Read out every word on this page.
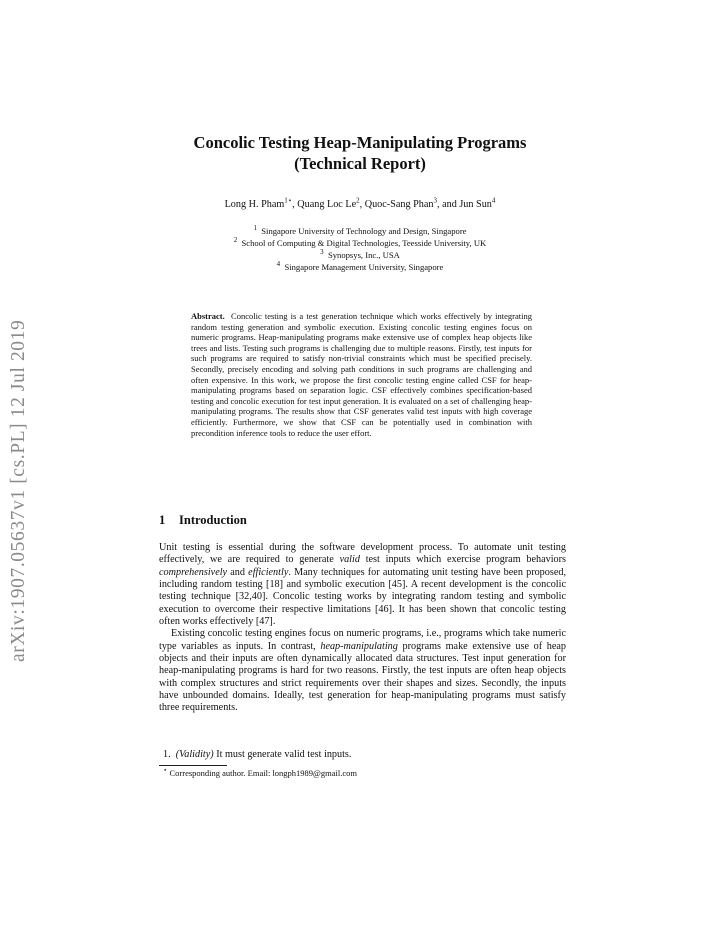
arXiv:1907.05637v1 [cs.PL] 12 Jul 2019
Concolic Testing Heap-Manipulating Programs
(Technical Report)
Long H. Pham$^{1⋆}$, Quang Loc Le$^2$, Quoc-Sang Phan$^3$, and Jun Sun$^4$
$^1$ Singapore University of Technology and Design, Singapore
$^2$ School of Computing & Digital Technologies, Teesside University, UK
$^3$ Synopsys, Inc., USA
$^4$ Singapore Management University, Singapore
Abstract. Concolic testing is a test generation technique which works effectively by integrating random testing generation and symbolic execution. Existing concolic testing engines focus on numeric programs. Heap-manipulating programs make extensive use of complex heap objects like trees and lists. Testing such programs is challenging due to multiple reasons. Firstly, test inputs for such programs are required to satisfy non-trivial constraints which must be specified precisely. Secondly, precisely encoding and solving path conditions in such programs are challenging and often expensive. In this work, we propose the first concolic testing engine called CSF for heap-manipulating programs based on separation logic. CSF effectively combines specification-based testing and concolic execution for test input generation. It is evaluated on a set of challenging heap-manipulating programs. The results show that CSF generates valid test inputs with high coverage efficiently. Furthermore, we show that CSF can be potentially used in combination with precondition inference tools to reduce the user effort.
1 Introduction

Unit testing is essential during the software development process. To automate unit testing effectively, we are required to generate valid test inputs which exercise program behaviors comprehensively and efficiently. Many techniques for automating unit testing have been proposed, including random testing [18] and symbolic execution [45]. A recent development is the concolic testing technique [32,40]. Concolic testing works by integrating random testing and symbolic execution to overcome their respective limitations [46]. It has been shown that concolic testing often works effectively [47].

Existing concolic testing engines focus on numeric programs, i.e., programs which take numeric type variables as inputs. In contrast, heap-manipulating programs make extensive use of heap objects and their inputs are often dynamically allocated data structures. Test input generation for heap-manipulating programs is hard for two reasons. Firstly, the test inputs are often heap objects with complex structures and strict requirements over their shapes and sizes. Secondly, the inputs have unbounded domains. Ideally, test generation for heap-manipulating programs must satisfy three requirements.

1. (Validity) It must generate valid test inputs.
⋆ Corresponding author. Email: longph1989@gmail.com
